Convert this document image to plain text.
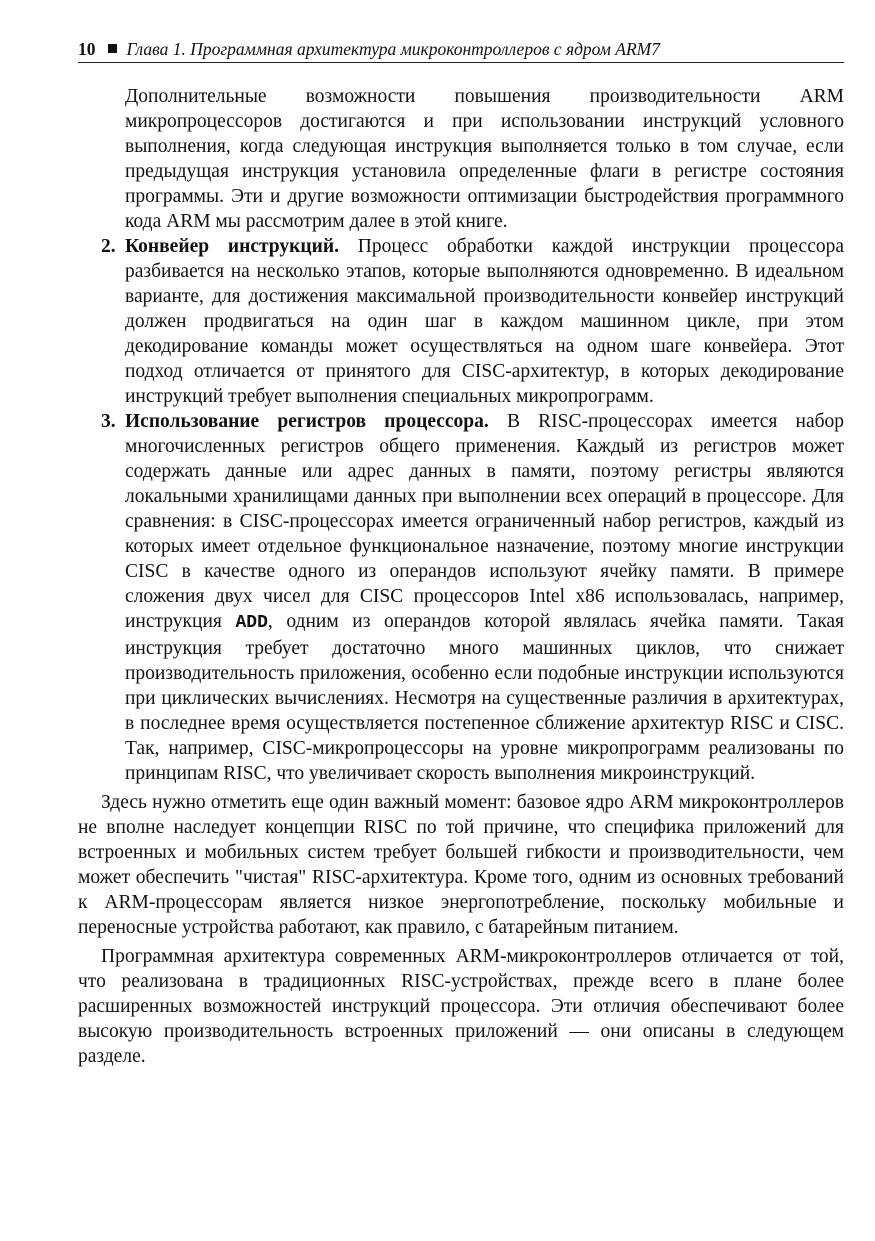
10 Глава 1. Программная архитектура микроконтроллеров с ядром ARM7

Дополнительные возможности повышения производительности ARM микропроцессоров достигаются и при использовании инструкций условного выполнения, когда следующая инструкция выполняется только в том случае, если предыдущая инструкция установила определенные флаги в регистре состояния программы. Эти и другие возможности оптимизации быстродействия программного кода ARM мы рассмотрим далее в этой книге.

2. Конвейер инструкций. Процесс обработки каждой инструкции процессора разбивается на несколько этапов, которые выполняются одновременно. В идеальном варианте, для достижения максимальной производительности конвейер инструкций должен продвигаться на один шаг в каждом машинном цикле, при этом декодирование команды может осуществляться на одном шаге конвейера. Этот подход отличается от принятого для CISC-архитектур, в которых декодирование инструкций требует выполнения специальных микропрограмм.

3. Использование регистров процессора. В RISC-процессорах имеется набор многочисленных регистров общего применения. Каждый из регистров может содержать данные или адрес данных в памяти, поэтому регистры являются локальными хранилищами данных при выполнении всех операций в процессоре. Для сравнения: в CISC-процессорах имеется ограниченный набор регистров, каждый из которых имеет отдельное функциональное назначение, поэтому многие инструкции CISC в качестве одного из операндов используют ячейку памяти. В примере сложения двух чисел для CISC процессоров Intel x86 использовалась, например, инструкция ADD, одним из операндов которой являлась ячейка памяти. Такая инструкция требует достаточно много машинных циклов, что снижает производительность приложения, особенно если подобные инструкции используются при циклических вычислениях. Несмотря на существенные различия в архитектурах, в последнее время осуществляется постепенное сближение архитектур RISC и CISC. Так, например, CISC-микропроцессоры на уровне микропрограмм реализованы по принципам RISC, что увеличивает скорость выполнения микроинструкций.

Здесь нужно отметить еще один важный момент: базовое ядро ARM микроконтроллеров не вполне наследует концепции RISC по той причине, что специфика приложений для встроенных и мобильных систем требует большей гибкости и производительности, чем может обеспечить "чистая" RISC-архитектура. Кроме того, одним из основных требований к ARM-процессорам является низкое энергопотребление, поскольку мобильные и переносные устройства работают, как правило, с батарейным питанием.

Программная архитектура современных ARM-микроконтроллеров отличается от той, что реализована в традиционных RISC-устройствах, прежде всего в плане более расширенных возможностей инструкций процессора. Эти отличия обеспечивают более высокую производительность встроенных приложений — они описаны в следующем разделе.
